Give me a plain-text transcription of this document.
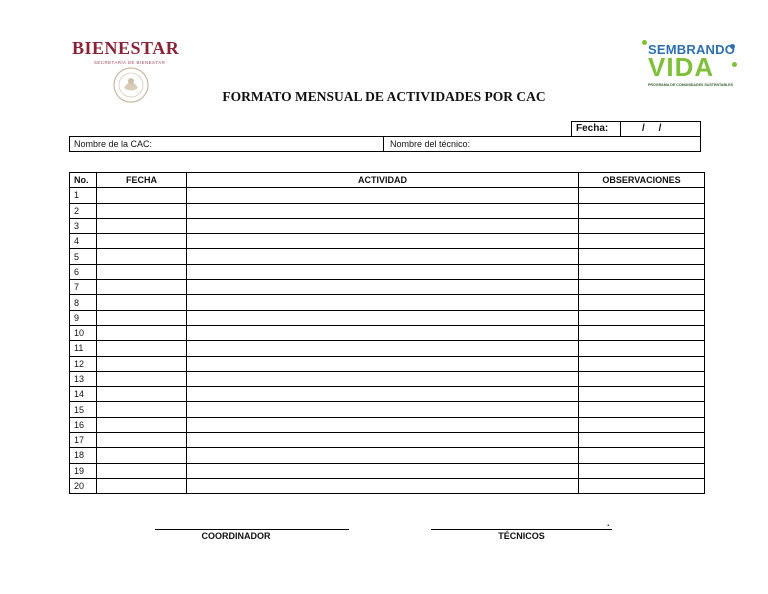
BIENESTAR
SECRETARÍA DE BIENESTAR
SEMBRANDO
VIDA
PROGRAMA DE COMUNIDADES SUSTENTABLES
FORMATO MENSUAL DE ACTIVIDADES POR CAC
Fecha:	/     /
Nombre de la CAC:	Nombre del técnico:
No.	FECHA	ACTIVIDAD	OBSERVACIONES
1			
2			
3			
4			
5			
6			
7			
8			
9			
10			
11			
12			
13			
14			
15			
16			
17			
18			
19			
20			
COORDINADOR
.
TÉCNICOS
